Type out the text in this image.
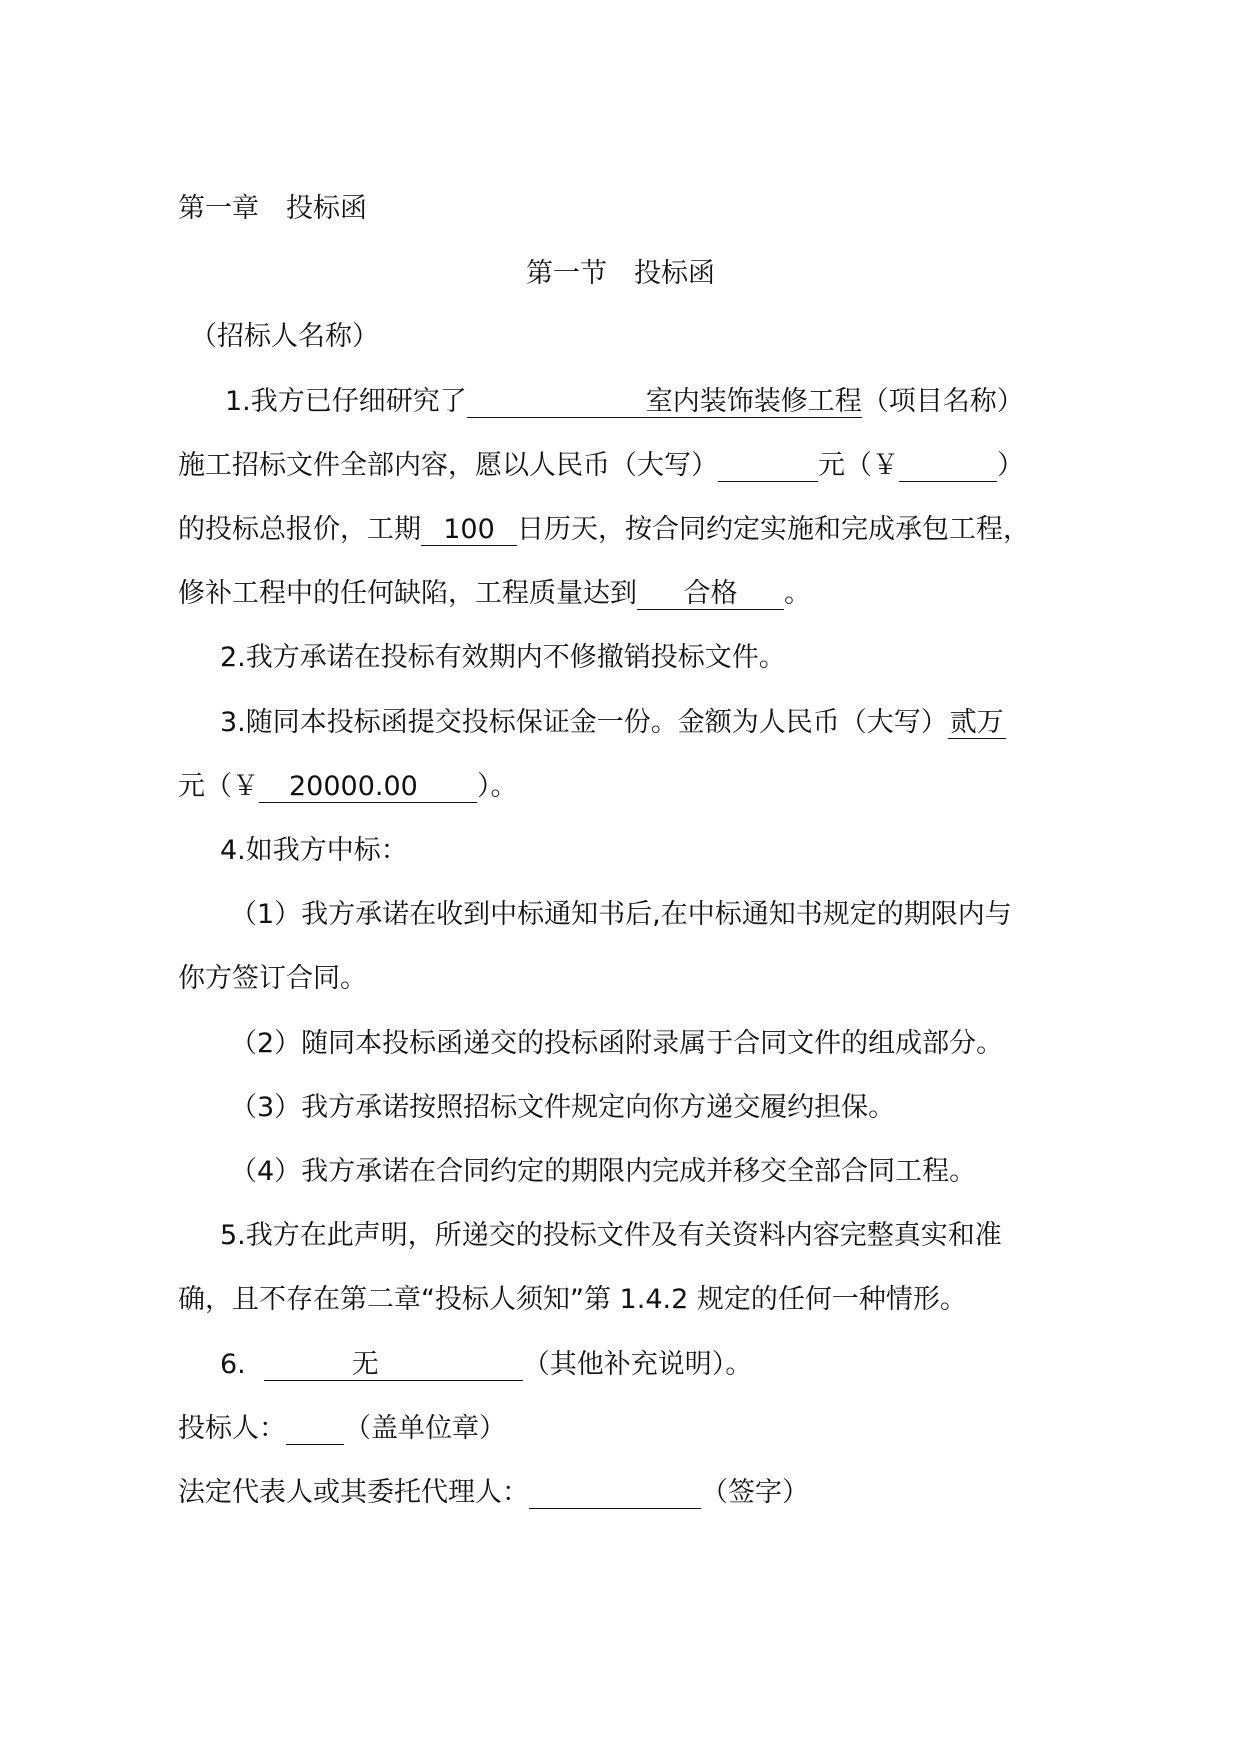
第一章　投标函
第一节　投标函
（招标人名称）
1.我方已仔细研究了	室内装饰装修工程（项目名称）
施工招标文件全部内容，愿以人民币（大写）	元（￥	）
的投标总报价，工期 100 日历天，按合同约定实施和完成承包工程，
修补工程中的任何缺陷，工程质量达到 合格 。
2.我方承诺在投标有效期内不修撤销投标文件。
3.随同本投标函提交投标保证金一份。金额为人民币（大写）贰万
元（￥ 20000.00 ）。
4.如我方中标：
（1）我方承诺在收到中标通知书后,在中标通知书规定的期限内与
你方签订合同。
（2）随同本投标函递交的投标函附录属于合同文件的组成部分。
（3）我方承诺按照招标文件规定向你方递交履约担保。
（4）我方承诺在合同约定的期限内完成并移交全部合同工程。
5.我方在此声明，所递交的投标文件及有关资料内容完整真实和准
确，且不存在第二章“投标人须知”第 1.4.2 规定的任何一种情形。
6.	无	（其他补充说明）。
投标人： （盖单位章）
法定代表人或其委托代理人：	（签字）
